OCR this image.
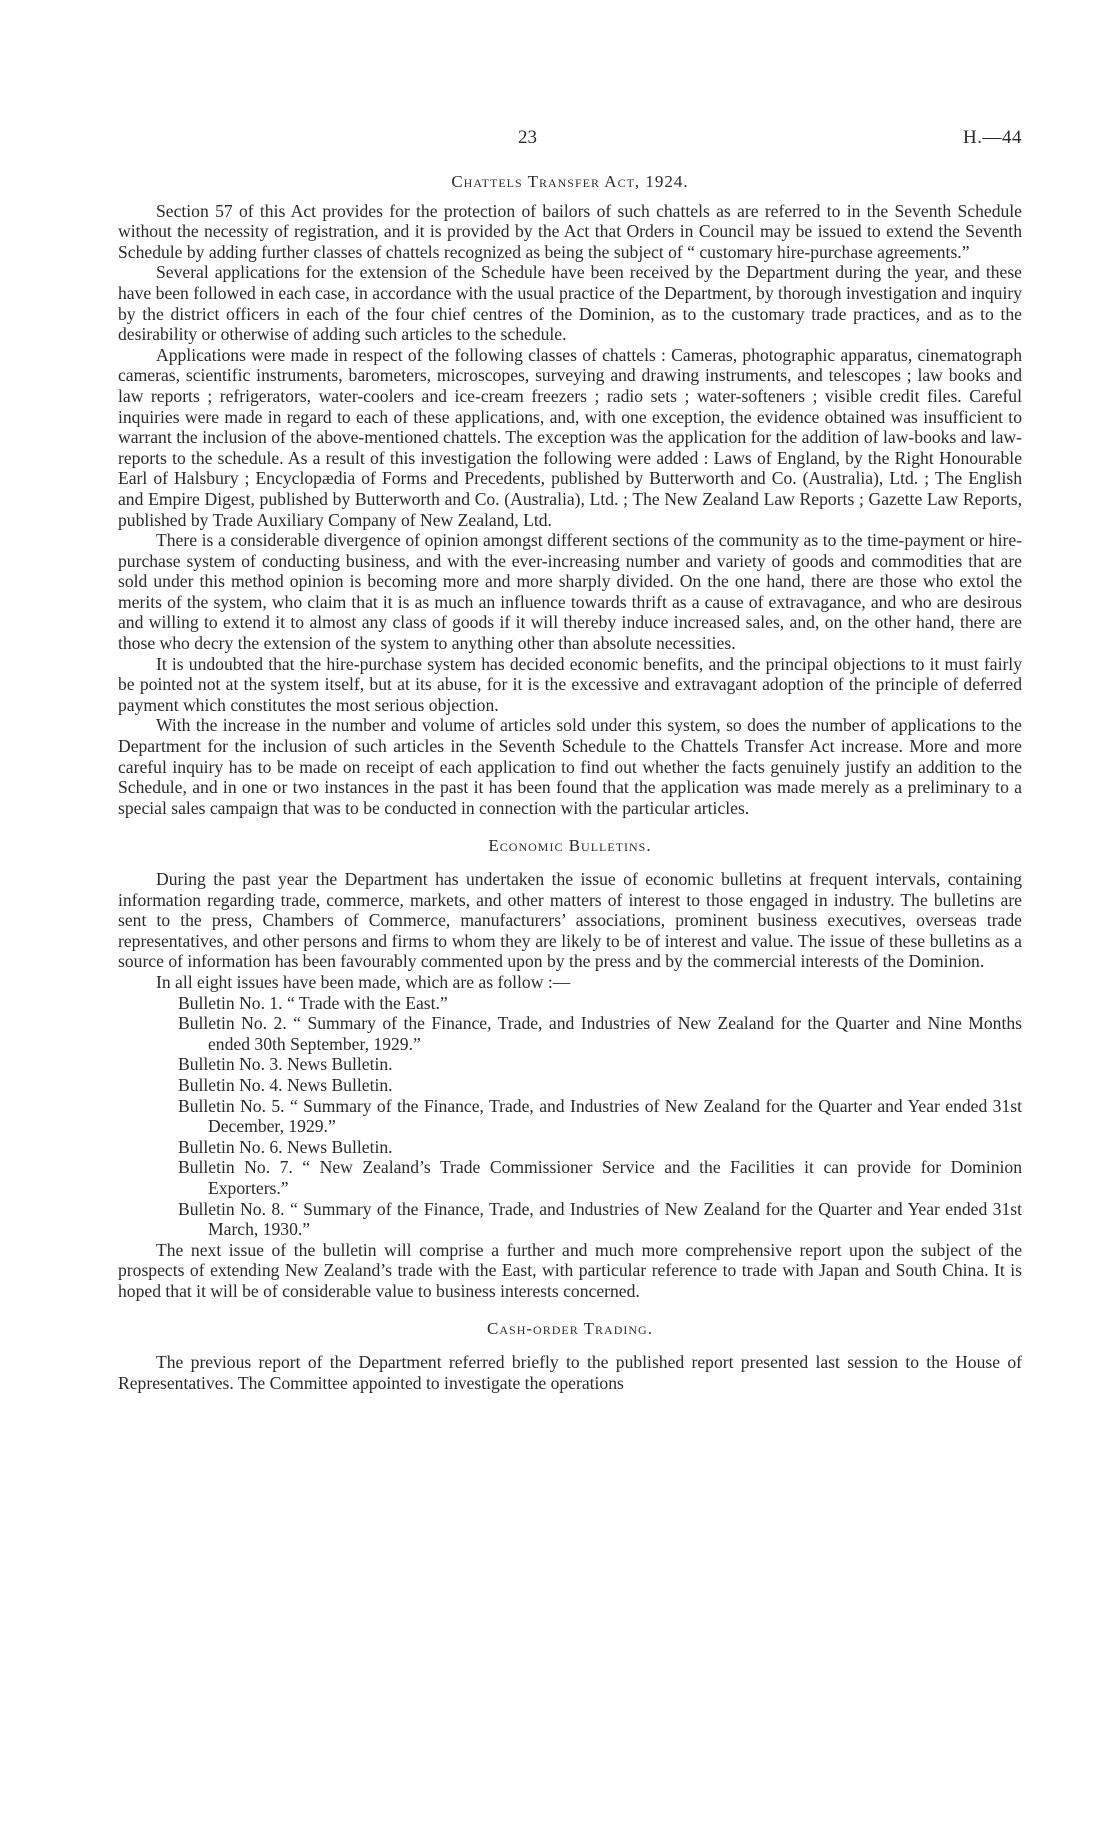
23	H.—44
Chattels Transfer Act, 1924.

Section 57 of this Act provides for the protection of bailors of such chattels as are referred to in the Seventh Schedule without the necessity of registration, and it is provided by the Act that Orders in Council may be issued to extend the Seventh Schedule by adding further classes of chattels recognized as being the subject of “ customary hire-purchase agreements.”

Several applications for the extension of the Schedule have been received by the Department during the year, and these have been followed in each case, in accordance with the usual practice of the Department, by thorough investigation and inquiry by the district officers in each of the four chief centres of the Dominion, as to the customary trade practices, and as to the desirability or otherwise of adding such articles to the schedule.

Applications were made in respect of the following classes of chattels : Cameras, photographic apparatus, cinematograph cameras, scientific instruments, barometers, microscopes, surveying and drawing instruments, and telescopes ; law books and law reports ; refrigerators, water-coolers and ice-cream freezers ; radio sets ; water-softeners ; visible credit files. Careful inquiries were made in regard to each of these applications, and, with one exception, the evidence obtained was insufficient to warrant the inclusion of the above-mentioned chattels. The exception was the application for the addition of law-books and law-reports to the schedule. As a result of this investigation the following were added : Laws of England, by the Right Honourable Earl of Halsbury ; Encyclopædia of Forms and Precedents, published by Butterworth and Co. (Australia), Ltd. ; The English and Empire Digest, published by Butterworth and Co. (Australia), Ltd. ; The New Zealand Law Reports ; Gazette Law Reports, published by Trade Auxiliary Company of New Zealand, Ltd.

There is a considerable divergence of opinion amongst different sections of the community as to the time-payment or hire-purchase system of conducting business, and with the ever-increasing number and variety of goods and commodities that are sold under this method opinion is becoming more and more sharply divided. On the one hand, there are those who extol the merits of the system, who claim that it is as much an influence towards thrift as a cause of extravagance, and who are desirous and willing to extend it to almost any class of goods if it will thereby induce increased sales, and, on the other hand, there are those who decry the extension of the system to anything other than absolute necessities.

It is undoubted that the hire-purchase system has decided economic benefits, and the principal objections to it must fairly be pointed not at the system itself, but at its abuse, for it is the excessive and extravagant adoption of the principle of deferred payment which constitutes the most serious objection.

With the increase in the number and volume of articles sold under this system, so does the number of applications to the Department for the inclusion of such articles in the Seventh Schedule to the Chattels Transfer Act increase. More and more careful inquiry has to be made on receipt of each application to find out whether the facts genuinely justify an addition to the Schedule, and in one or two instances in the past it has been found that the application was made merely as a preliminary to a special sales campaign that was to be conducted in connection with the particular articles.

Economic Bulletins.

During the past year the Department has undertaken the issue of economic bulletins at frequent intervals, containing information regarding trade, commerce, markets, and other matters of interest to those engaged in industry. The bulletins are sent to the press, Chambers of Commerce, manufacturers’ associations, prominent business executives, overseas trade representatives, and other persons and firms to whom they are likely to be of interest and value. The issue of these bulletins as a source of information has been favourably commented upon by the press and by the commercial interests of the Dominion.

In all eight issues have been made, which are as follow :—

Bulletin No. 1. “ Trade with the East.”
Bulletin No. 2. “ Summary of the Finance, Trade, and Industries of New Zealand for the Quarter and Nine Months ended 30th September, 1929.”
Bulletin No. 3. News Bulletin.
Bulletin No. 4. News Bulletin.
Bulletin No. 5. “ Summary of the Finance, Trade, and Industries of New Zealand for the Quarter and Year ended 31st December, 1929.”
Bulletin No. 6. News Bulletin.
Bulletin No. 7. “ New Zealand’s Trade Commissioner Service and the Facilities it can provide for Dominion Exporters.”
Bulletin No. 8. “ Summary of the Finance, Trade, and Industries of New Zealand for the Quarter and Year ended 31st March, 1930.”

The next issue of the bulletin will comprise a further and much more comprehensive report upon the subject of the prospects of extending New Zealand’s trade with the East, with particular reference to trade with Japan and South China. It is hoped that it will be of considerable value to business interests concerned.

Cash-order Trading.

The previous report of the Department referred briefly to the published report presented last session to the House of Representatives. The Committee appointed to investigate the operations
